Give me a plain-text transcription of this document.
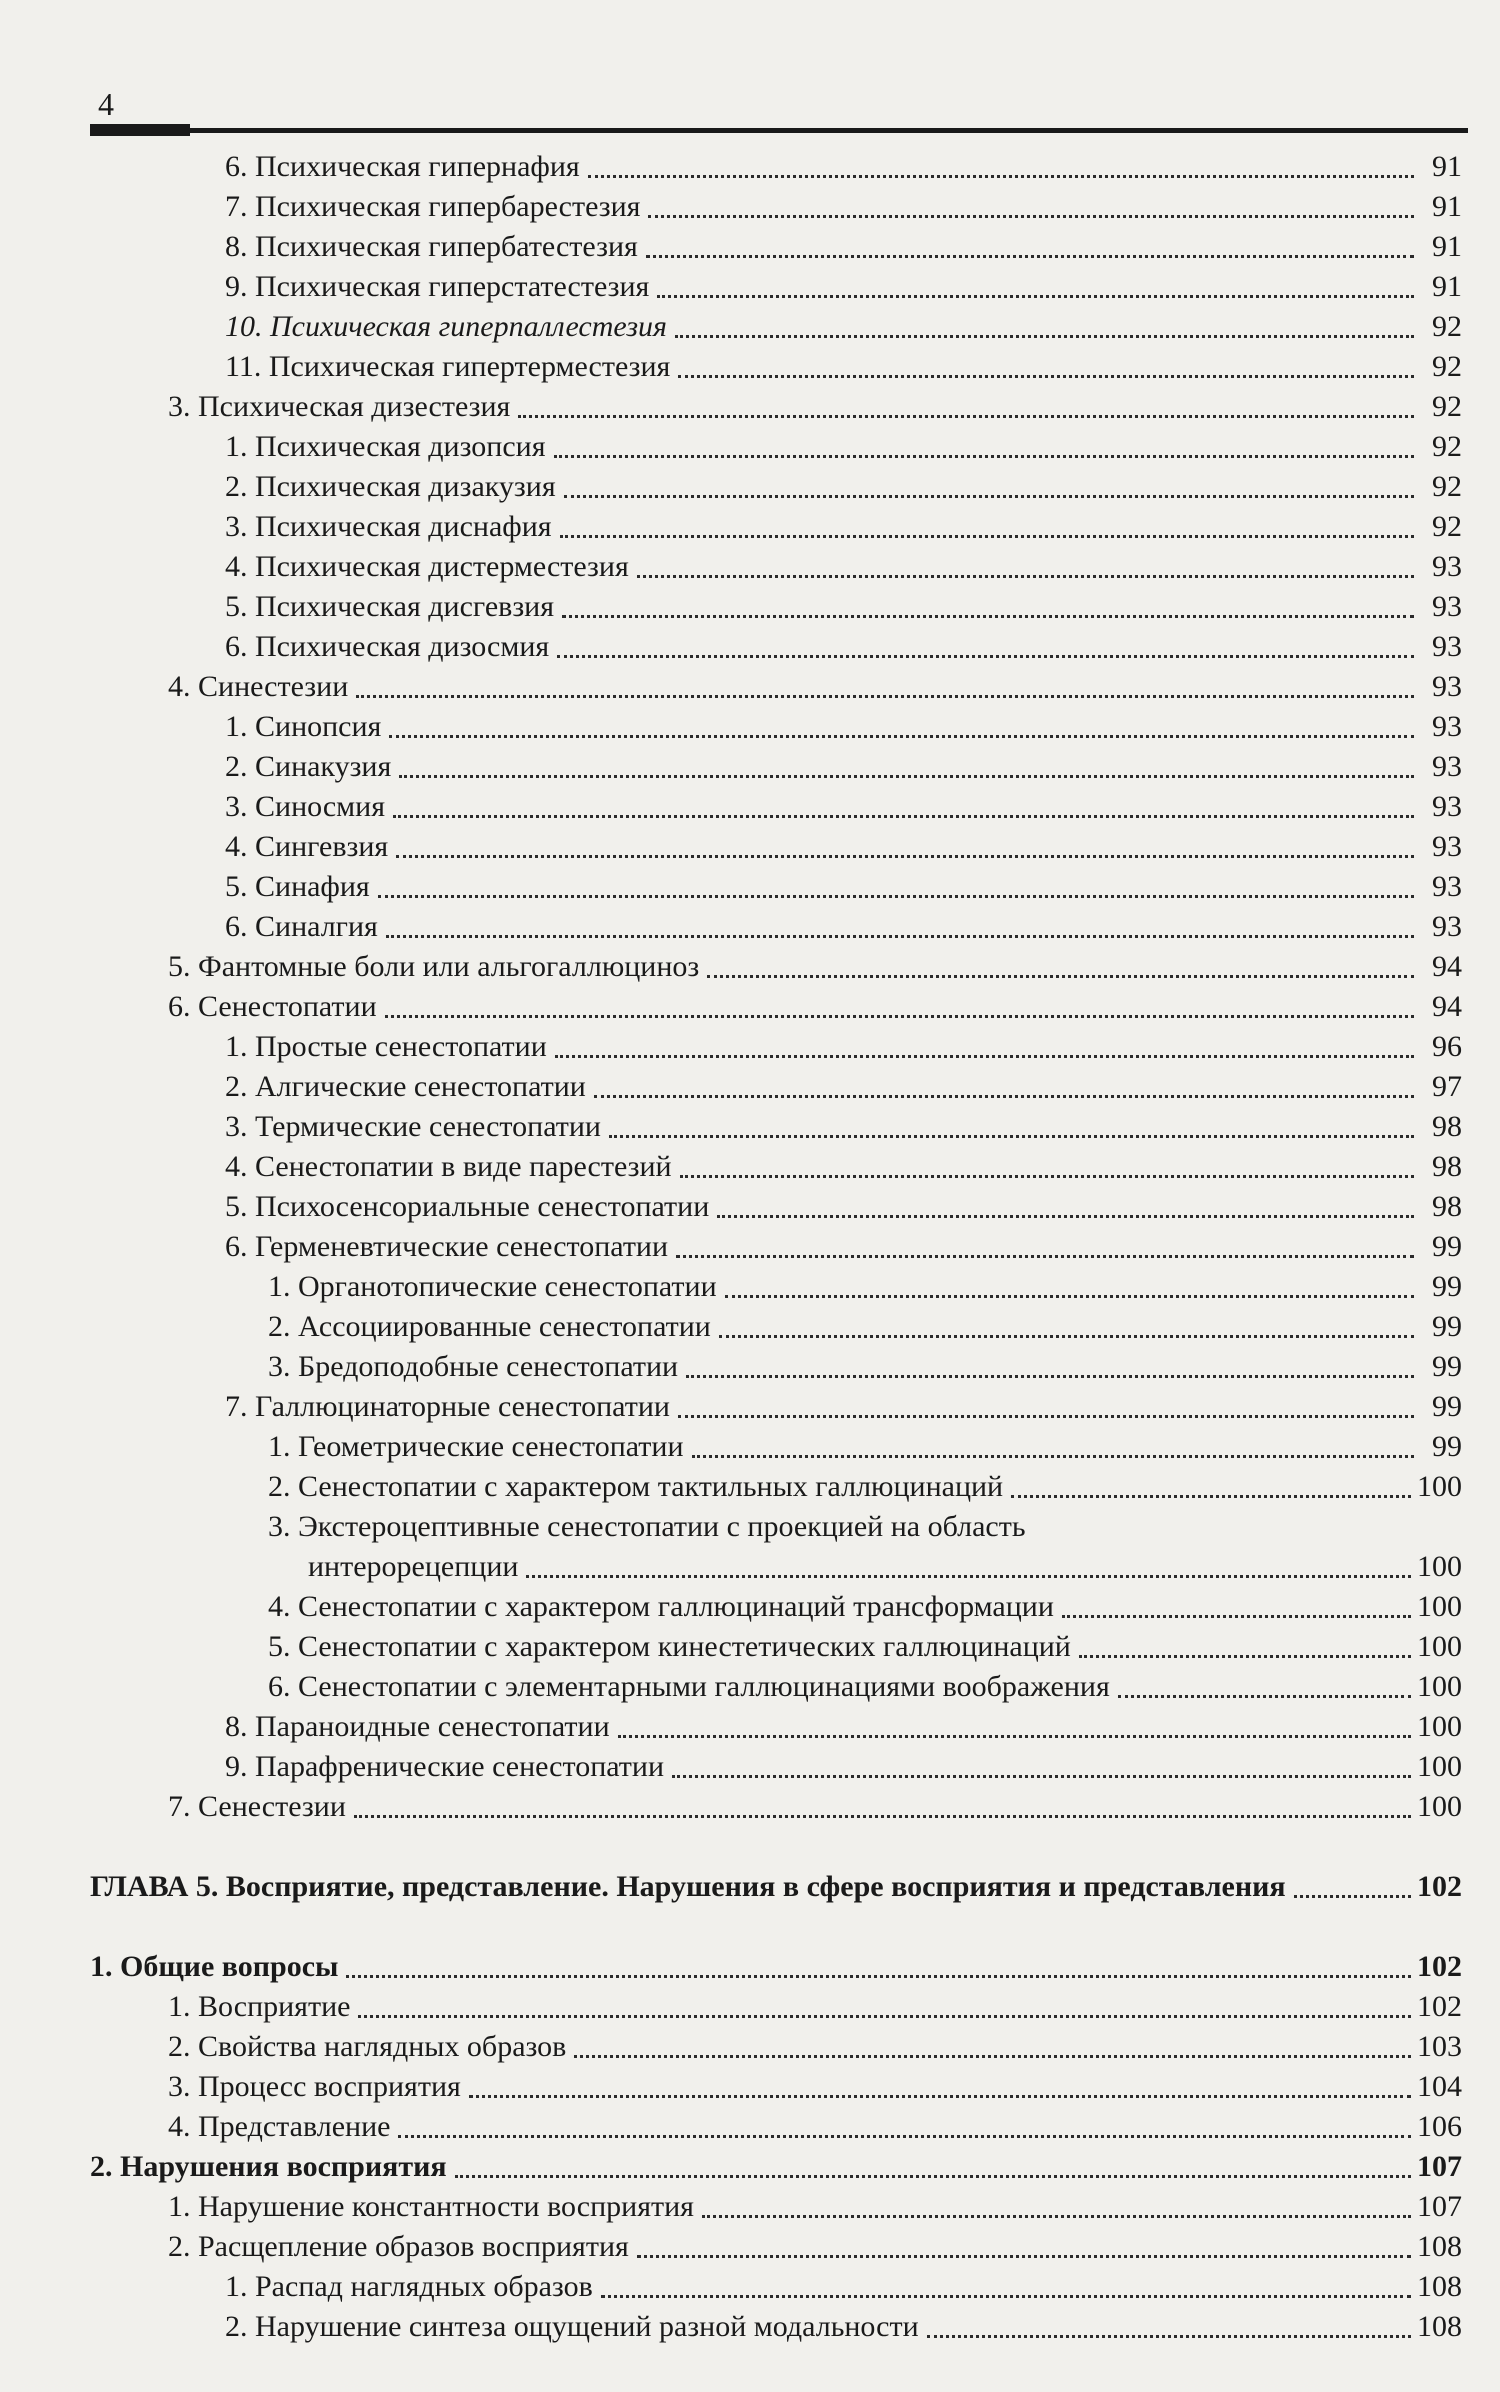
4
6. Психическая гипернафия	91
7. Психическая гипербарестезия	91
8. Психическая гипербатестезия	91
9. Психическая гиперстатестезия	91
10. Психическая гиперпаллестезия	92
11. Психическая гипертерместезия	92
3. Психическая дизестезия	92
1. Психическая дизопсия	92
2. Психическая дизакузия	92
3. Психическая диснафия	92
4. Психическая дистерместезия	93
5. Психическая дисгевзия	93
6. Психическая дизосмия	93
4. Синестезии	93
1. Синопсия	93
2. Синакузия	93
3. Синосмия	93
4. Сингевзия	93
5. Синафия	93
6. Синалгия	93
5. Фантомные боли или альгогаллюциноз	94
6. Сенестопатии	94
1. Простые сенестопатии	96
2. Алгические сенестопатии	97
3. Термические сенестопатии	98
4. Сенестопатии в виде парестезий	98
5. Психосенсориальные сенестопатии	98
6. Герменевтические сенестопатии	99
1. Органотопические сенестопатии	99
2. Ассоциированные сенестопатии	99
3. Бредоподобные сенестопатии	99
7. Галлюцинаторные сенестопатии	99
1. Геометрические сенестопатии	99
2. Сенестопатии с характером тактильных галлюцинаций	100
3. Экстероцептивные сенестопатии с проекцией на область
интерорецепции	100
4. Сенестопатии с характером галлюцинаций трансформации	100
5. Сенестопатии с характером кинестетических галлюцинаций	100
6. Сенестопатии с элементарными галлюцинациями воображения	100
8. Параноидные сенестопатии	100
9. Парафренические сенестопатии	100
7. Сенестезии	100
ГЛАВА 5. Восприятие, представление. Нарушения в сфере восприятия и представления	102
1. Общие вопросы	102
1. Восприятие	102
2. Свойства наглядных образов	103
3. Процесс восприятия	104
4. Представление	106
2. Нарушения восприятия	107
1. Нарушение константности восприятия	107
2. Расщепление образов восприятия	108
1. Распад наглядных образов	108
2. Нарушение синтеза ощущений разной модальности	108
